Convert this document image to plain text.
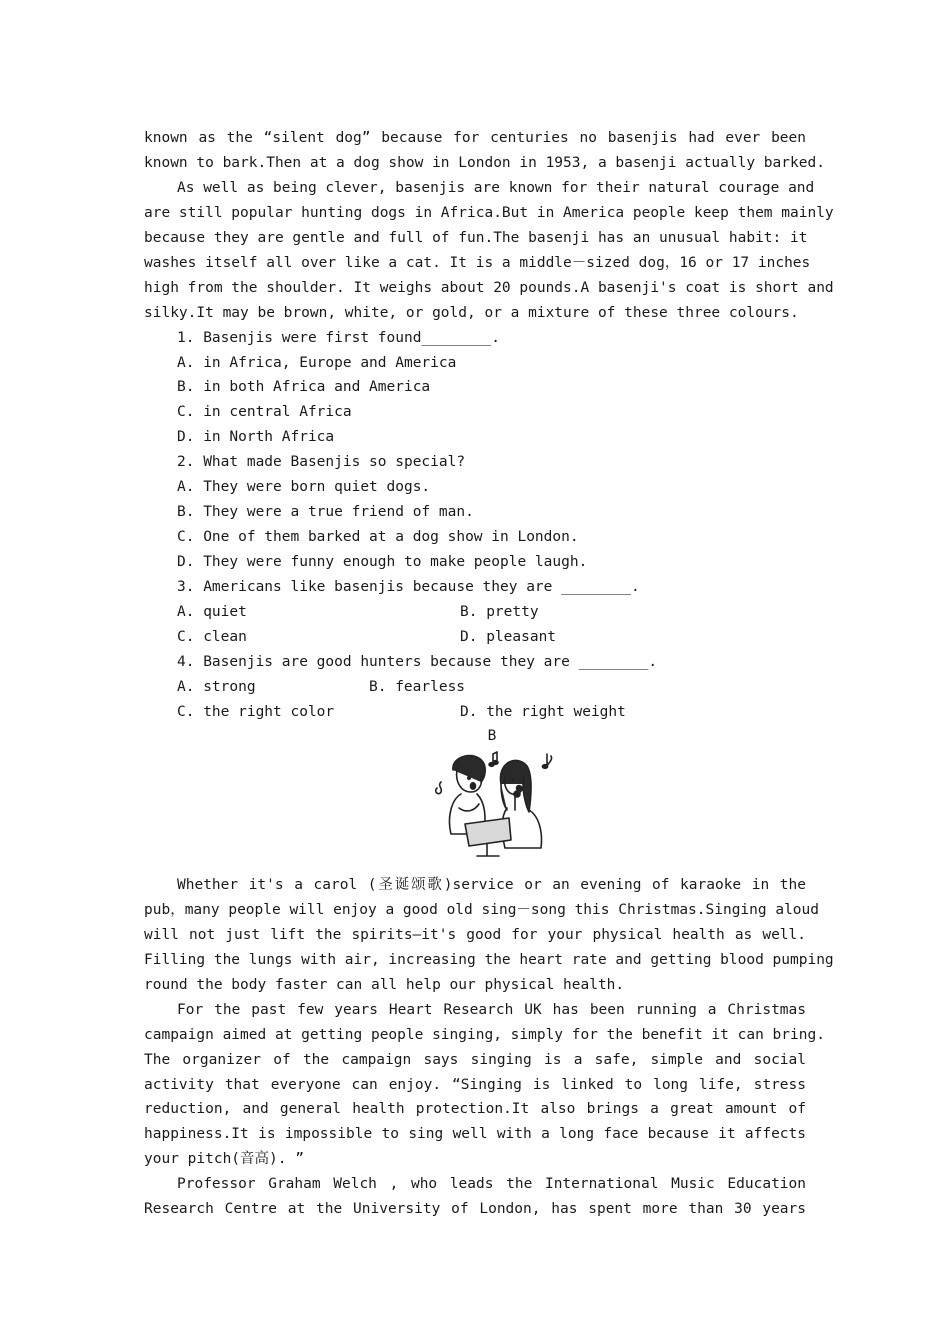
known as the “silent dog” because for centuries no basenjis had ever been
known to bark.Then at a dog show in London in 1953, a basenji actually barked.
As well as being clever, basenjis are known for their natural courage and
are still popular hunting dogs in Africa.But in America people keep them mainly
because they are gentle and full of fun.The basenji has an unusual habit: it
washes itself all over like a cat. It is a middle－sized dog，16 or 17 inches
high from the shoulder. It weighs about 20 pounds.A basenji's coat is short and
silky.It may be brown, white, or gold, or a mixture of these three colours.
1. Basenjis were first found________.
A. in Africa, Europe and America
B. in both Africa and America
C. in central Africa
D. in North Africa
2. What made Basenjis so special?
A. They were born quiet dogs.
B. They were a true friend of man.
C. One of them barked at a dog show in London.
D. They were funny enough to make people laugh.
3. Americans like basenjis because they are ________.
A. quiet	B. pretty
C. clean	D. pleasant
4. Basenjis are good hunters because they are ________.
A. strong	B. fearless
C. the right color	D. the right weight
B
Whether it's a carol (圣诞颂歌)service or an evening of karaoke in the
pub，many people will enjoy a good old sing－song this Christmas.Singing aloud
will not just lift the spirits—it's good for your physical health as well.
Filling the lungs with air, increasing the heart rate and getting blood pumping
round the body faster can all help our physical health.
For the past few years Heart Research UK has been running a Christmas
campaign aimed at getting people singing, simply for the benefit it can bring.
The organizer of the campaign says singing is a safe, simple and social
activity that everyone can enjoy. “Singing is linked to long life, stress
reduction, and general health protection.It also brings a great amount of
happiness.It is impossible to sing well with a long face because it affects
your pitch(音高). ”
Professor Graham Welch , who leads the International Music Education
Research Centre at the University of London, has spent more than 30 years
